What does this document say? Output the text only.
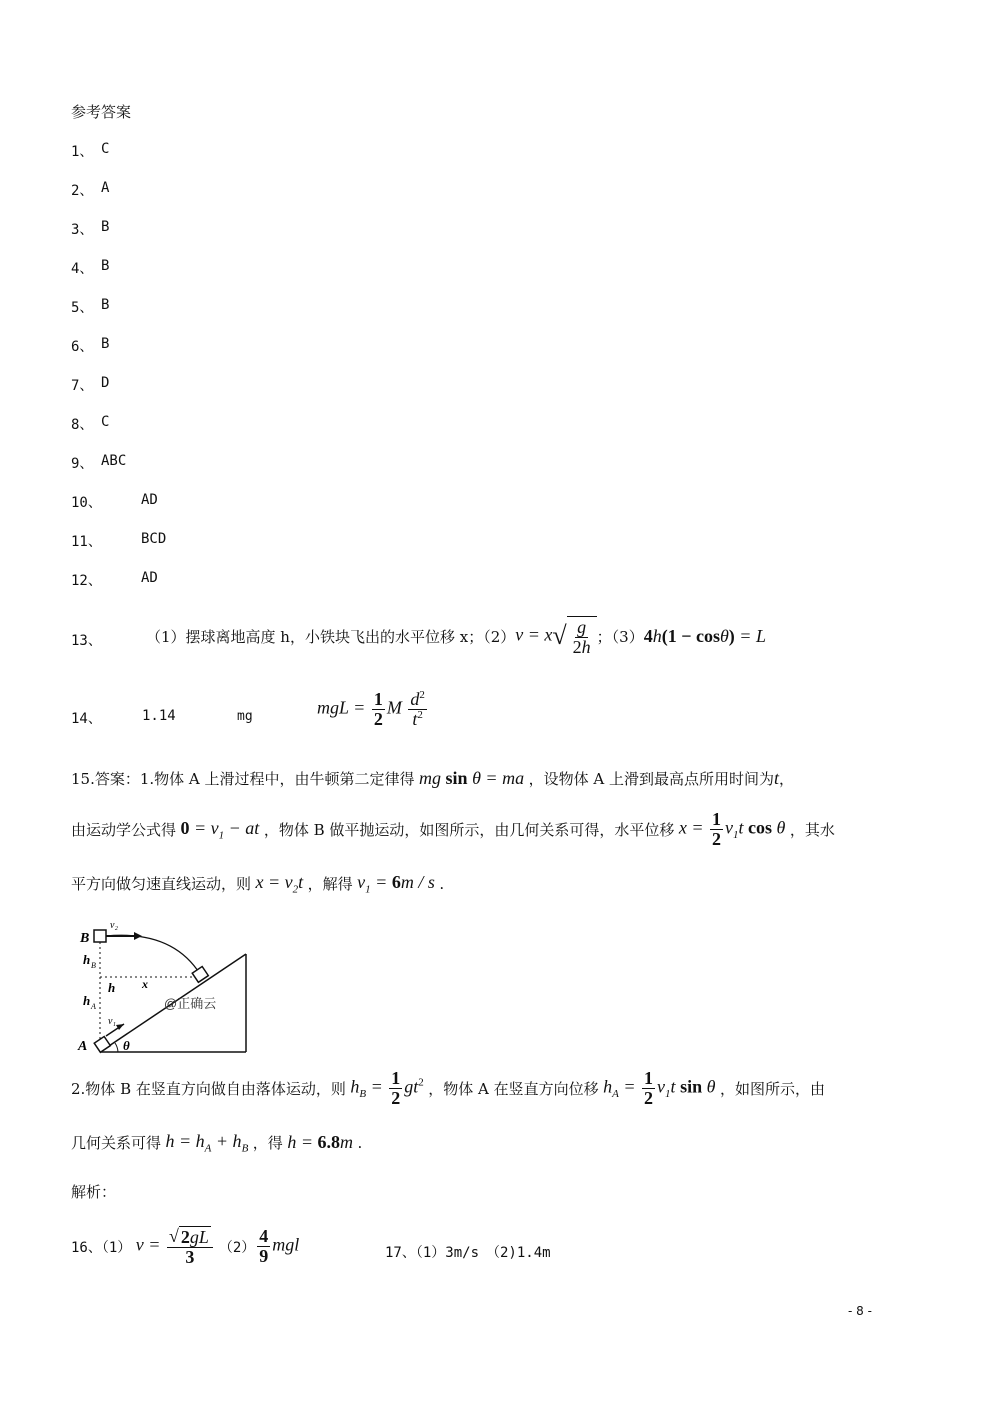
参考答案
1、 C
2、 A
3、 B
4、 B
5、 B
6、 B
7、 D
8、 C
9、 ABC
10、	AD
11、	BCD
12、	AD
13、	（1）摆球离地高度 h，小铁块飞出的水平位移 x；（2） v = x √ $\frac{g}{2h}$ ；（3） 4h(1 − cosθ) = L
14、	1.14	mg	mgL = $\frac{1}{2}$ M $\frac{d^2}{t^2}$
15.答案：1.物体 A 上滑过程中，由牛顿第二定律得 mg sin θ = ma ，设物体 A 上滑到最高点所用时间为 t ，
由运动学公式得 $0 = v_1$ − at ，物体 B 做平抛运动，如图所示，由几何关系可得，水平位移 $x = \frac{1}{2} v_1t$ cos θ ，其水
平方向做匀速直线运动，则 $x = v_2t$ ，解得 $v_1 = 6m / s$ .
B
v₂
h B
h x
h A
v₁
A	θ
@正确云
2.物体 B 在竖直方向做自由落体运动，则 $h_B = \frac{1}{2} gt^2$ ，物体 A 在竖直方向位移 $h_A = \frac{1}{2} v_1t$ sin θ ，如图所示，由
几何关系可得 $h = h_A + h_B$ ，得 h = 6.8m .
解析：
16、（1） $v = \frac{√ 2gL}{3} (2) \frac{4}{9}$ mgl	17、（1）3m/s　（2)1.4m
- 8 -
